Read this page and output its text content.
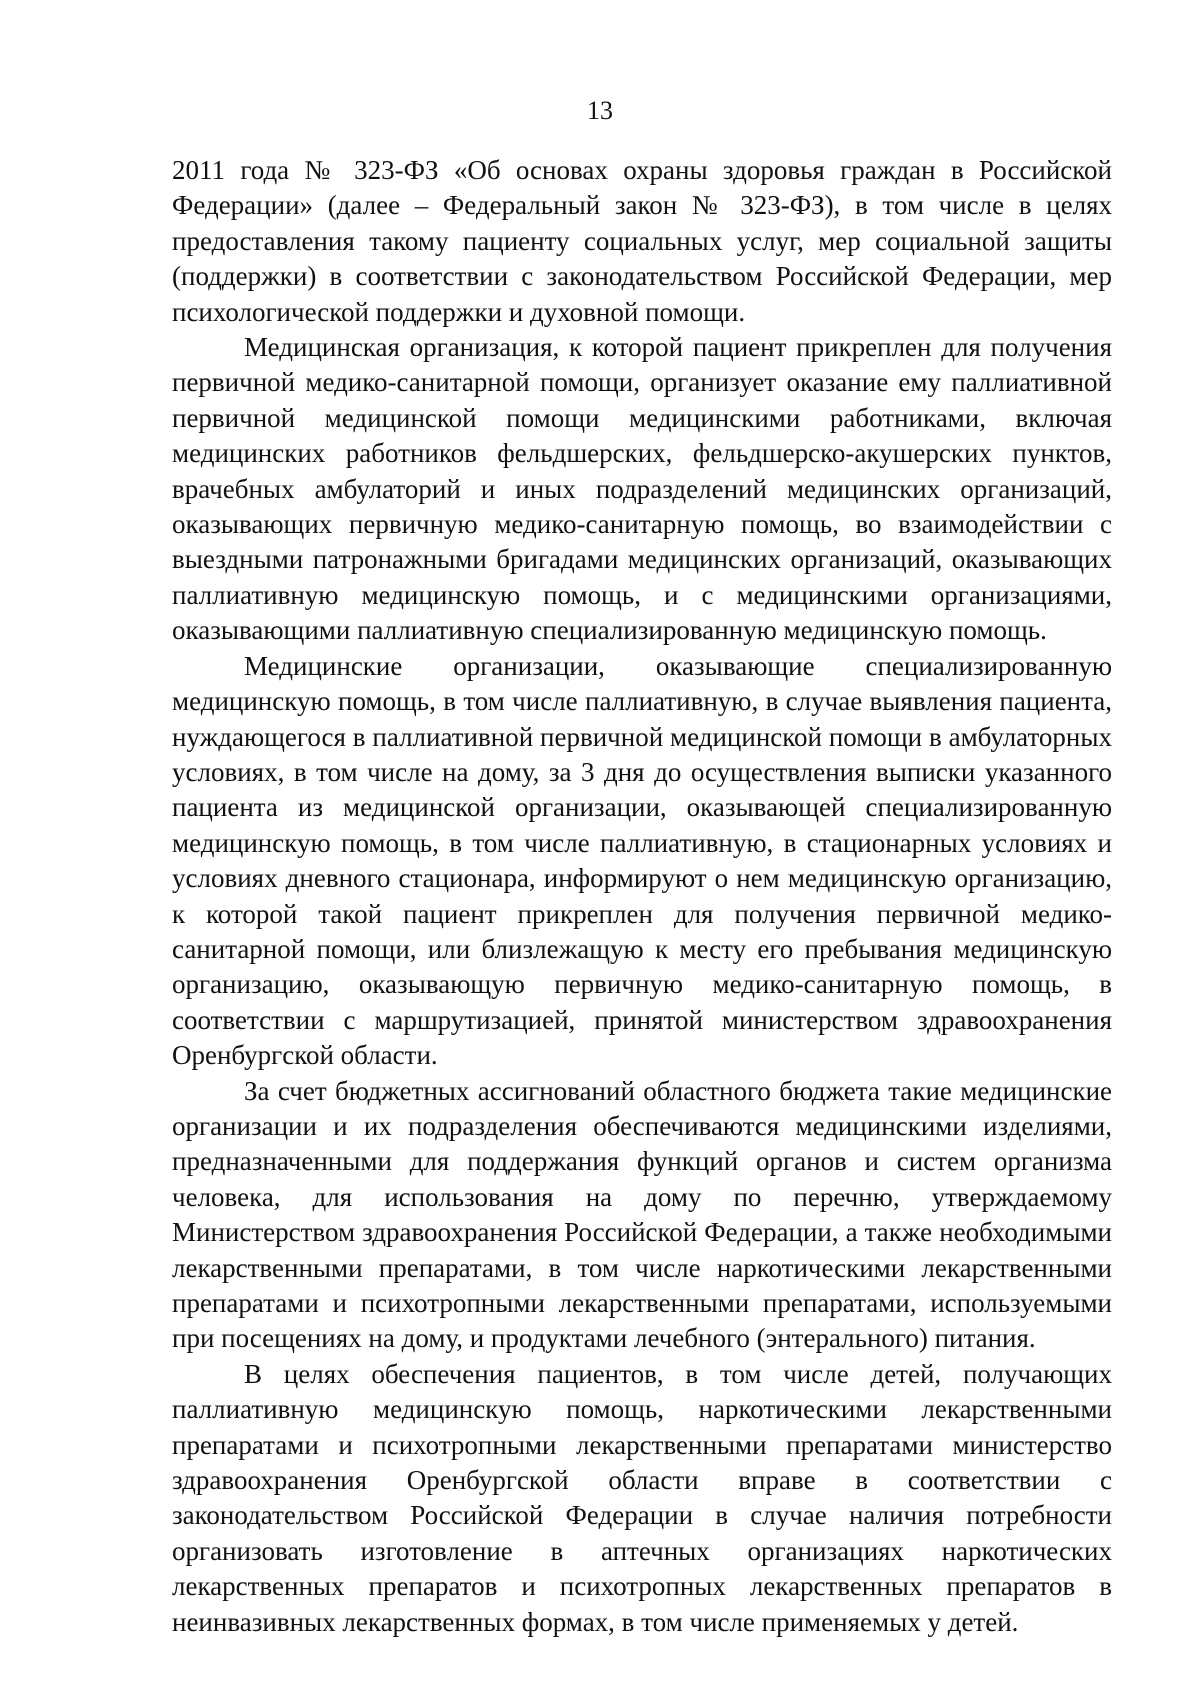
13

2011 года № 323-ФЗ «Об основах охраны здоровья граждан в Российской Федерации» (далее – Федеральный закон № 323-ФЗ), в том числе в целях предоставления такому пациенту социальных услуг, мер социальной защиты (поддержки) в соответствии с законодательством Российской Федерации, мер психологической поддержки и духовной помощи.

Медицинская организация, к которой пациент прикреплен для получения первичной медико-санитарной помощи, организует оказание ему паллиативной первичной медицинской помощи медицинскими работниками, включая медицинских работников фельдшерских, фельдшерско-акушерских пунктов, врачебных амбулаторий и иных подразделений медицинских организаций, оказывающих первичную медико-санитарную помощь, во взаимодействии с выездными патронажными бригадами медицинских организаций, оказывающих паллиативную медицинскую помощь, и с медицинскими организациями, оказывающими паллиативную специализированную медицинскую помощь.

Медицинские организации, оказывающие специализированную медицинскую помощь, в том числе паллиативную, в случае выявления пациента, нуждающегося в паллиативной первичной медицинской помощи в амбулаторных условиях, в том числе на дому, за 3 дня до осуществления выписки указанного пациента из медицинской организации, оказывающей специализированную медицинскую помощь, в том числе паллиативную, в стационарных условиях и условиях дневного стационара, информируют о нем медицинскую организацию, к которой такой пациент прикреплен для получения первичной медико-санитарной помощи, или близлежащую к месту его пребывания медицинскую организацию, оказывающую первичную медико-санитарную помощь, в соответствии с маршрутизацией, принятой министерством здравоохранения Оренбургской области.

За счет бюджетных ассигнований областного бюджета такие медицинские организации и их подразделения обеспечиваются медицинскими изделиями, предназначенными для поддержания функций органов и систем организма человека, для использования на дому по перечню, утверждаемому Министерством здравоохранения Российской Федерации, а также необходимыми лекарственными препаратами, в том числе наркотическими лекарственными препаратами и психотропными лекарственными препаратами, используемыми при посещениях на дому, и продуктами лечебного (энтерального) питания.

В целях обеспечения пациентов, в том числе детей, получающих паллиативную медицинскую помощь, наркотическими лекарственными препаратами и психотропными лекарственными препаратами министерство здравоохранения Оренбургской области вправе в соответствии с законодательством Российской Федерации в случае наличия потребности организовать изготовление в аптечных организациях наркотических лекарственных препаратов и психотропных лекарственных препаратов в неинвазивных лекарственных формах, в том числе применяемых у детей.
